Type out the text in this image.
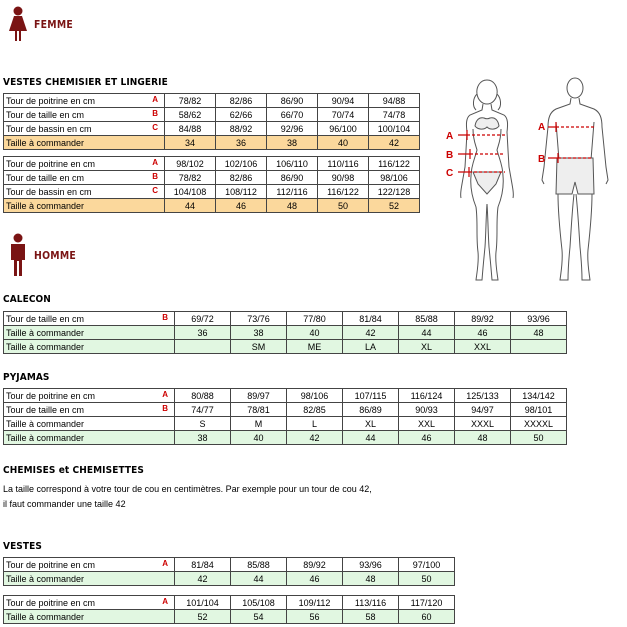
FEMME
VESTES CHEMISIER ET LINGERIE
Tour de poitrine en cm A	78/82	82/86	86/90	90/94	94/88
Tour de taille en cm B	58/62	62/66	66/70	70/74	74/78
Tour de bassin en cm C	84/88	88/92	92/96	96/100	100/104
Taille à commander	34	36	38	40	42
Tour de poitrine en cm A	98/102	102/106	106/110	110/116	116/122
Tour de taille en cm B	78/82	82/86	86/90	90/98	98/106
Tour de bassin en cm C	104/108	108/112	112/116	116/122	122/128
Taille à commander	44	46	48	50	52
HOMME
CALECON
PYJAMAS
CHEMISES et CHEMISETTES
La taille correspond à votre tour de cou en centimètres. Par exemple pour un tour de cou 42,
il faut commander une taille 42
VESTES
Tour de taille en cm B	69/72	73/76	77/80	81/84	85/88	89/92	93/96
Taille à commander	36	38	40	42	44	46	48
Taille à commander		SM	ME	LA	XL	XXL	
Tour de poitrine en cm A	80/88	89/97	98/106	107/115	116/124	125/133	134/142
Tour de taille en cm B	74/77	78/81	82/85	86/89	90/93	94/97	98/101
Taille à commander	S	M	L	XL	XXL	XXXL	XXXXL
Taille à commander	38	40	42	44	46	48	50
Tour de poitrine en cm A	81/84	85/88	89/92	93/96	97/100
Taille à commander	42	44	46	48	50
Tour de poitrine en cm A	101/104	105/108	109/112	113/116	117/120
Taille à commander	52	54	56	58	60
A
B
C
A
B
